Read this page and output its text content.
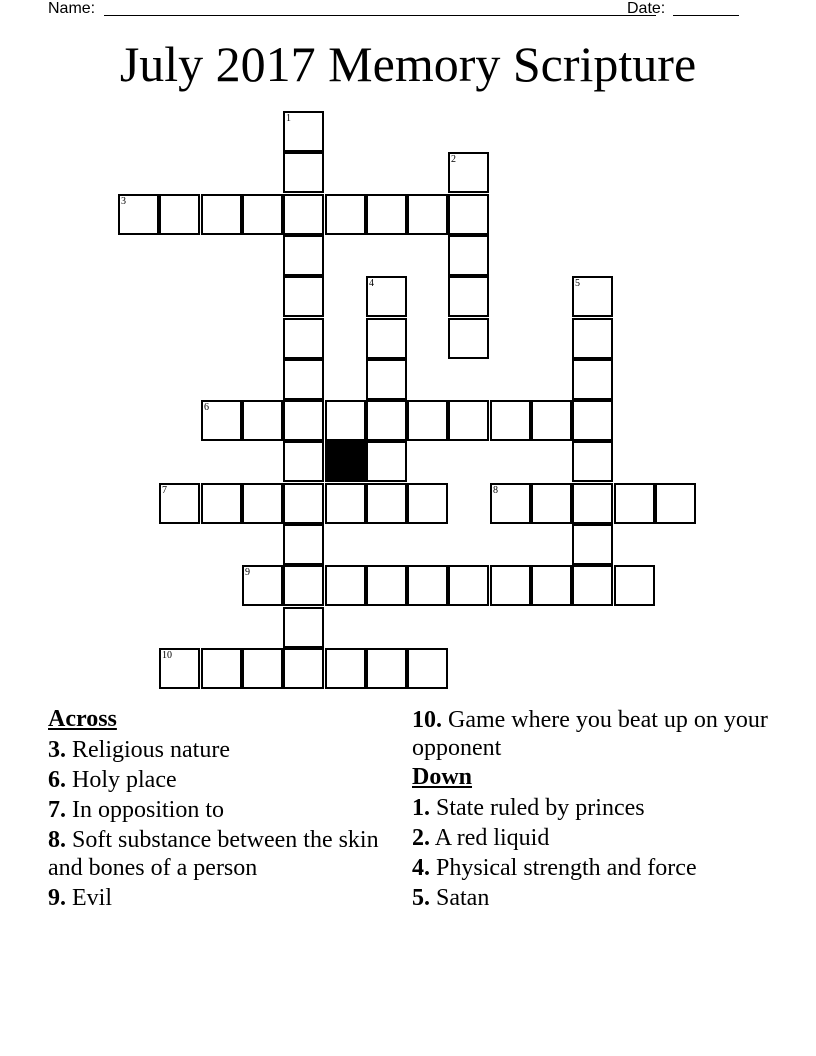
Name:	Date:
July 2017 Memory Scripture
1
2
3
4	5
6
7	8
9
10
Across
3. Religious nature
6. Holy place
7. In opposition to
8. Soft substance between the skin and bones of a person
9. Evil
10. Game where you beat up on your opponent
Down
1. State ruled by princes
2. A red liquid
4. Physical strength and force
5. Satan
